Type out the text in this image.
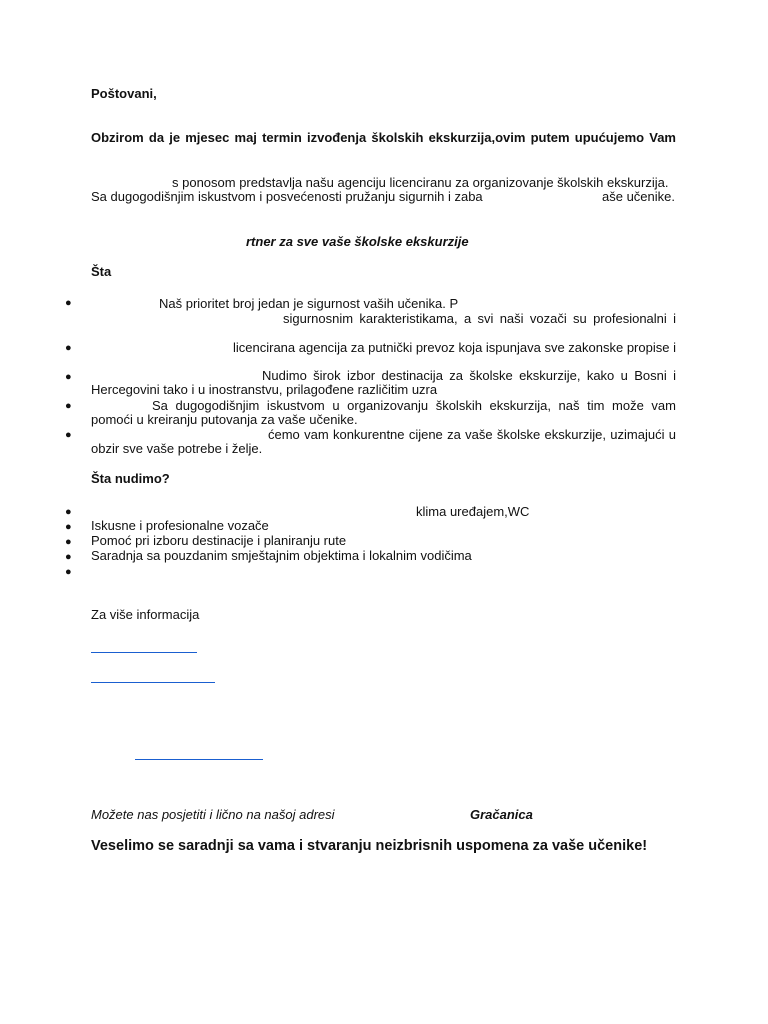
Poštovani,

Obzirom da je mjesec maj termin izvođenja školskih ekskurzija,ovim putem upućujemo Vam

s ponosom predstavlja našu agenciju licenciranu za organizovanje školskih ekskurzija.

Sa dugogodišnjim iskustvom i posvećenosti pružanju sigurnih i zaba	aše učenike.

rtner za sve vaše školske ekskurzije

Šta

●	Naš prioritet broj jedan je sigurnost vaših učenika. P

sigurnosnim karakteristikama, a svi naši vozači su profesionalni i

●	licencirana agencija za putnički prevoz koja ispunjava sve zakonske propise i

●	Nudimo širok izbor destinacija za školske ekskurzije, kako u Bosni i

Hercegovini tako i u inostranstvu, prilagođene različitim uzra

●	Sa dugogodišnjim iskustvom u organizovanju školskih ekskurzija, naš tim može vam

pomoći u kreiranju putovanja za vaše učenike.

●	ćemo vam konkurentne cijene za vaše školske ekskurzije, uzimajući u

obzir sve vaše potrebe i želje.

Šta nudimo?

●	klima uređajem,WC

● Iskusne i profesionalne vozače

● Pomoć pri izboru destinacije i planiranju rute

● Saradnja sa pouzdanim smještajnim objektima i lokalnim vodičima

●

Za više informacija

Možete nas posjetiti i lično na našoj adresi	Gračanica

Veselimo se saradnji sa vama i stvaranju neizbrisnih uspomena za vaše učenike!
